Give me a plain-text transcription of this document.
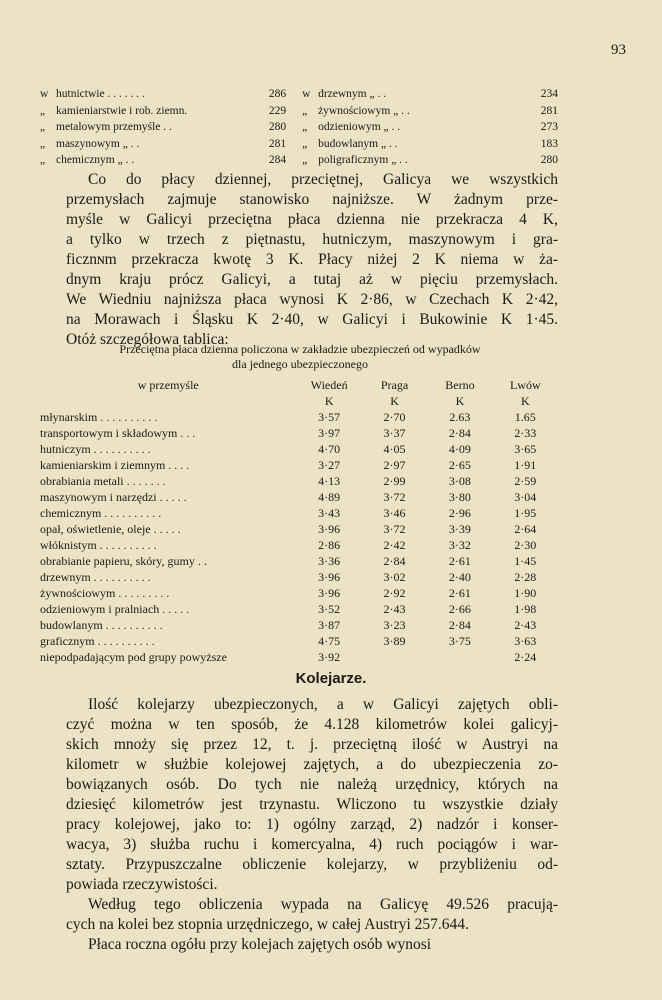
93
w hutnictwie . . . . . . .	286 w drzewnym „ . .	234
„ kamieniarstwie i rob. ziemn.	229 „ żywnościowym „ . .	281
„ metalowym przemyśle . .	280 „ odzieniowym „ . .	273
„ maszynowym „ . .	281 „ budowlanym „ . .	183
„ chemicznym „ . .	284 „ poligraficznym „ . .	280

Co do płacy dziennej, przeciętnej, Galicya we wszystkich

przemysłach zajmuje stanowisko najniższe. W żadnym prze-

myśle w Galicyi przeciętna płaca dzienna nie przekracza 4 K,

a tylko w trzech z piętnastu, hutniczym, maszynowym i gra-

ficznɴm przekracza kwotę 3 K. Płacy niżej 2 K niema w ża-

dnym kraju prócz Galicyi, a tutaj aż w pięciu przemysłach.

We Wiedniu najniższa płaca wynosi K 2·86, w Czechach K 2·42,

na Morawach i Śląsku K 2·40, w Galicyi i Bukowinie K 1·45.

Otóż szczegółowa tablica:

Przeciętna płaca dzienna policzona w zakładzie ubezpieczeń od wypadków
dla jednego ubezpieczonego
w przemyśle	Wiedeń	Praga	Berno	Lwów
	K	K	K	K
młynarskim . . . . . . . . . .	3·57	2·70	2.63	1.65
transportowym i składowym . . .	3·97	3·37	2·84	2·33
hutniczym . . . . . . . . . .	4·70	4·05	4·09	3·65
kamieniarskim i ziemnym . . . .	3·27	2·97	2·65	1·91
obrabiania metali . . . . . . .	4·13	2·99	3·08	2·59
maszynowym i narzędzi . . . . .	4·89	3·72	3·80	3·04
chemicznym . . . . . . . . . .	3·43	3·46	2·96	1·95
opał, oświetlenie, oleje . . . . .	3·96	3·72	3·39	2·64
włóknistym . . . . . . . . . .	2·86	2·42	3·32	2·30
obrabianie papieru, skóry, gumy . .	3·36	2·84	2·61	1·45
drzewnym . . . . . . . . . .	3·96	3·02	2·40	2·28
żywnościowym . . . . . . . . .	3·96	2·92	2·61	1·90
odzieniowym i pralniach . . . . .	3·52	2·43	2·66	1·98
budowlanym . . . . . . . . . .	3·87	3·23	2·84	2·43
graficznym . . . . . . . . . .	4·75	3·89	3·75	3·63
niepodpadającym pod grupy powyższe	3·92			2·24
Kolejarze.

Ilość kolejarzy ubezpieczonych, a w Galicyi zajętych obli-

czyć można w ten sposób, że 4.128 kilometrów kolei galicyj-

skich mnoży się przez 12, t. j. przeciętną ilość w Austryi na

kilometr w służbie kolejowej zajętych, a do ubezpieczenia zo-

bowiązanych osób. Do tych nie należą urzędnicy, których na

dziesięć kilometrów jest trzynastu. Wliczono tu wszystkie działy

pracy kolejowej, jako to: 1) ogólny zarząd, 2) nadzór i konser-

wacya, 3) służba ruchu i komercyalna, 4) ruch pociągów i war-

sztaty. Przypuszczalne obliczenie kolejarzy, w przybliżeniu od-

powiada rzeczywistości.

Według tego obliczenia wypada na Galicyę 49.526 pracują-

cych na kolei bez stopnia urzędniczego, w całej Austryi 257.644.

Płaca roczna ogółu przy kolejach zajętych osób wynosi
